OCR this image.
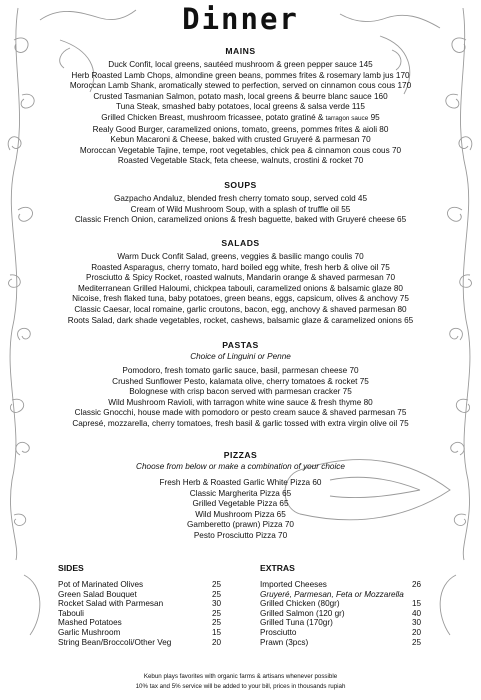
Dinner
MAINS
Duck Confit, local greens, sautéed mushroom & green pepper sauce 145
Herb Roasted Lamb Chops, almondine green beans, pommes frites & rosemary lamb jus 170
Moroccan Lamb Shank, aromatically stewed to perfection, served on cinnamon cous cous 170
Crusted Tasmanian Salmon, potato mash, local greens & beurre blanc sauce 160
Tuna Steak, smashed baby potatoes, local greens & salsa verde 115
Grilled Chicken Breast, mushroom fricassee, potato gratiné & tarragon sauce 95
Realy Good Burger, caramelized onions, tomato, greens, pommes frites & aioli 80
Kebun Macaroni & Cheese, baked with crusted Gruyeré & parmesan 70
Moroccan Vegetable Tajine, tempe, root vegetables, chick pea & cinnamon cous cous 70
Roasted Vegetable Stack, feta cheese, walnuts, crostini & rocket 70
SOUPS
Gazpacho Andaluz, blended fresh cherry tomato soup, served cold 45
Cream of Wild Mushroom Soup, with a splash of truffle oil 55
Classic French Onion, caramelized onions & fresh baguette, baked with Gruyeré cheese 65
SALADS
Warm Duck Confit Salad, greens, veggies & basilic mango coulis 70
Roasted Asparagus, cherry tomato, hard boiled egg white, fresh herb & olive oil 75
Prosciutto & Spicy Rocket, roasted walnuts, Mandarin orange & shaved parmesan 70
Mediterranean Grilled Haloumi, chickpea tabouli, caramelized onions & balsamic glaze 80
Nicoise, fresh flaked tuna, baby potatoes, green beans, eggs, capsicum, olives & anchovy 75
Classic Caesar, local romaine, garlic croutons, bacon, egg, anchovy & shaved parmesan 80
Roots Salad, dark shade vegetables, rocket, cashews, balsamic glaze & caramelized onions 65
PASTAS
Choice of Linguini or Penne
Pomodoro, fresh tomato garlic sauce, basil, parmesan cheese 70
Crushed Sunflower Pesto, kalamata olive, cherry tomatoes & rocket 75
Bolognese with crisp bacon served with parmesan cracker 75
Wild Mushroom Ravioli, with tarragon white wine sauce & fresh thyme 80
Classic Gnocchi, house made with pomodoro or pesto cream sauce & shaved parmesan 75
Capresé, mozzarella, cherry tomatoes, fresh basil & garlic tossed with extra virgin olive oil 75
PIZZAS
Choose from below or make a combination of your choice
Fresh Herb & Roasted Garlic White Pizza 60
Classic Margherita Pizza 65
Grilled Vegetable Pizza 65
Wild Mushroom Pizza 65
Gamberetto (prawn) Pizza 70
Pesto Prosciutto Pizza 70
SIDES
Pot of Marinated Olives	25
Green Salad Bouquet	25
Rocket Salad with Parmesan	30
Tabouli	25
Mashed Potatoes	25
Garlic Mushroom	15
String Bean/Broccoli/Other Veg	20
EXTRAS
Imported Cheeses	26
Gruyeré, Parmesan, Feta or Mozzarella
Grilled Chicken (80gr)	15
Grilled Salmon (120 gr)	40
Grilled Tuna (170gr)	30
Prosciutto	20
Prawn (3pcs)	25
Kebun plays favorites with organic farms & artisans whenever possible
10% tax and 5% service will be added to your bill, prices in thousands rupiah
